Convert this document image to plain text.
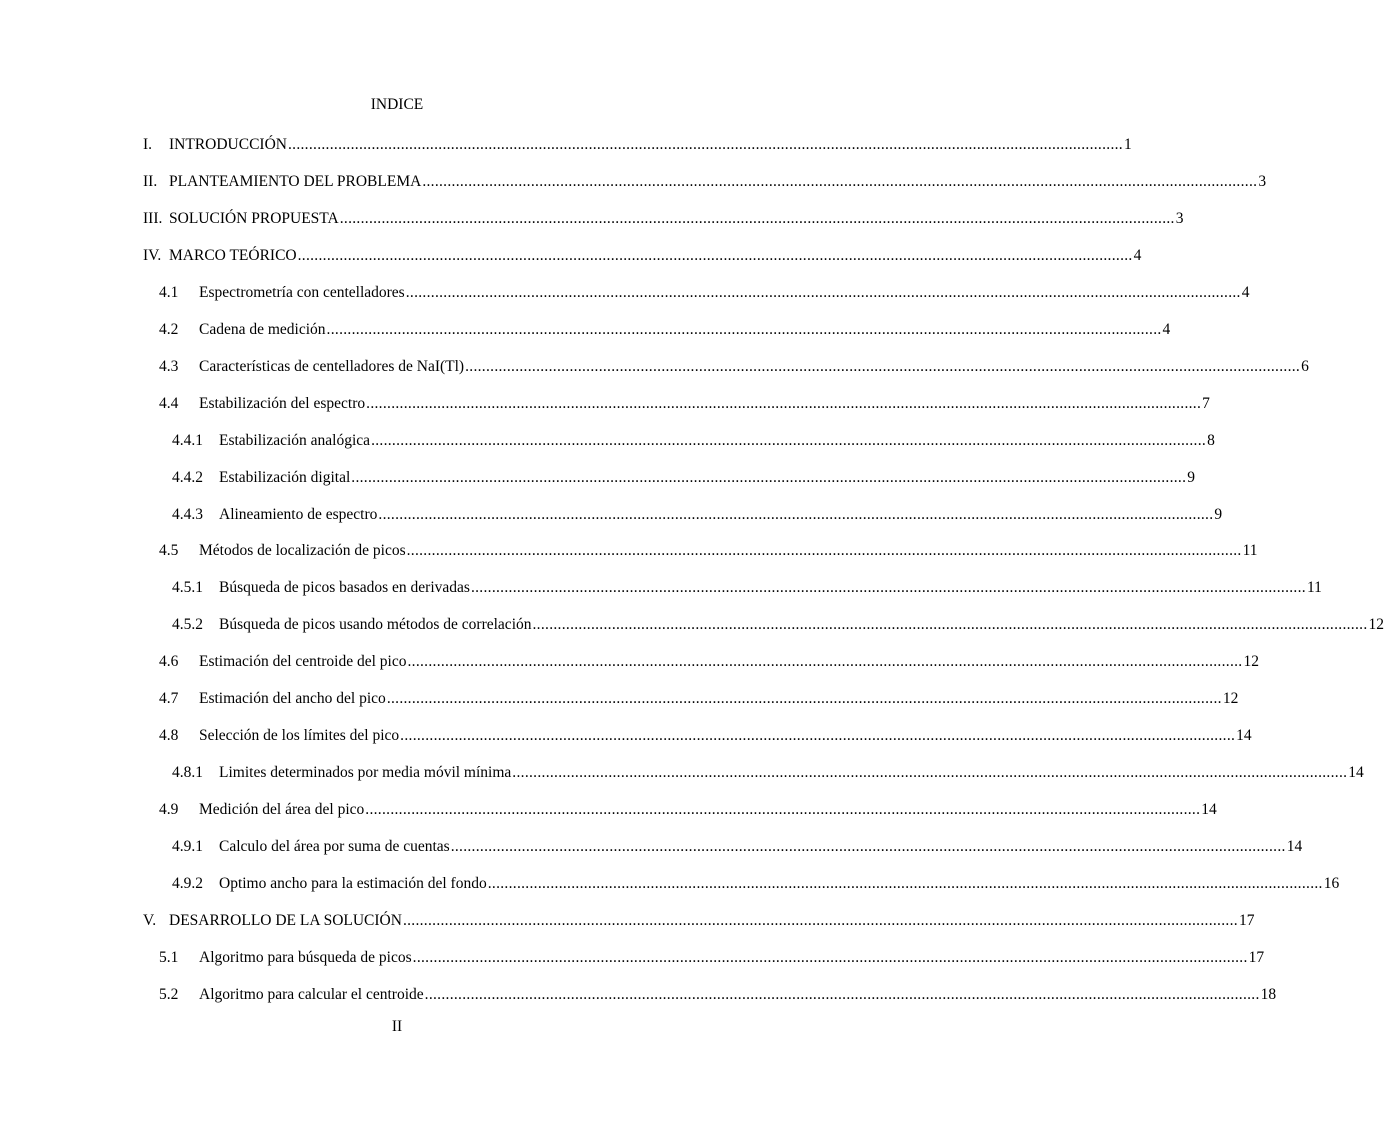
INDICE
I.	INTRODUCCIÓN ........................................................................................................................................................................................................ 1
II. PLANTEAMIENTO DEL PROBLEMA ........................................................................................................................................................................................................ 3
III. SOLUCIÓN PROPUESTA ........................................................................................................................................................................................................ 3
IV. MARCO TEÓRICO ........................................................................................................................................................................................................ 4
4.1	Espectrometría con centelladores ........................................................................................................................................................................................................ 4
4.2	Cadena de medición ........................................................................................................................................................................................................ 4
4.3	Características de centelladores de NaI(Tl) ........................................................................................................................................................................................................ 6
4.4	Estabilización del espectro ........................................................................................................................................................................................................ 7
4.4.1	Estabilización analógica ........................................................................................................................................................................................................ 8
4.4.2	Estabilización digital ........................................................................................................................................................................................................ 9
4.4.3	Alineamiento de espectro ........................................................................................................................................................................................................ 9
4.5	Métodos de localización de picos ........................................................................................................................................................................................................ 11
4.5.1	Búsqueda de picos basados en derivadas ........................................................................................................................................................................................................ 11
4.5.2	Búsqueda de picos usando métodos de correlación ........................................................................................................................................................................................................ 12
4.6	Estimación del centroide del pico ........................................................................................................................................................................................................ 12
4.7	Estimación del ancho del pico ........................................................................................................................................................................................................ 12
4.8	Selección de los límites del pico ........................................................................................................................................................................................................ 14
4.8.1	Limites determinados por media móvil mínima ........................................................................................................................................................................................................ 14
4.9	Medición del área del pico ........................................................................................................................................................................................................ 14
4.9.1	Calculo del área por suma de cuentas ........................................................................................................................................................................................................ 14
4.9.2	Optimo ancho para la estimación del fondo ........................................................................................................................................................................................................ 16
V. DESARROLLO DE LA SOLUCIÓN ........................................................................................................................................................................................................ 17
5.1	Algoritmo para búsqueda de picos ........................................................................................................................................................................................................ 17
5.2	Algoritmo para calcular el centroide ........................................................................................................................................................................................................ 18
II
